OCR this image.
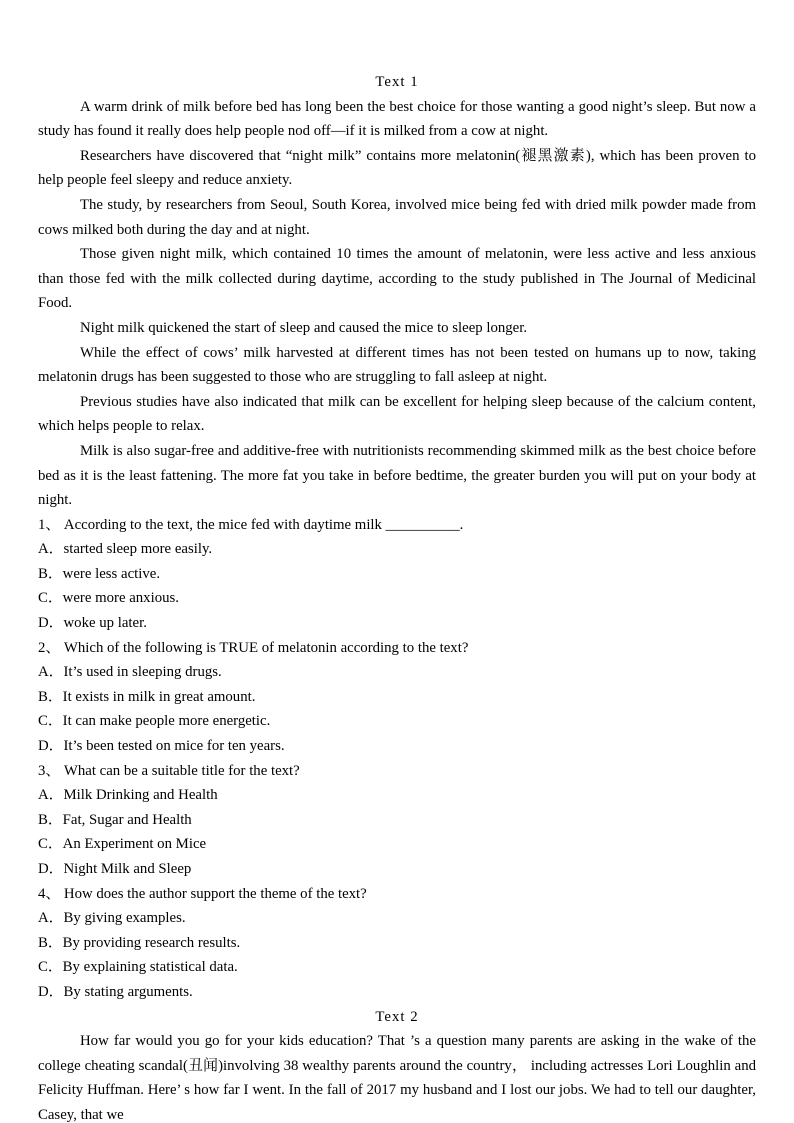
Text 1

A warm drink of milk before bed has long been the best choice for those wanting a good night’s sleep. But now a study has found it really does help people nod off—if it is milked from a cow at night.

Researchers have discovered that “night milk” contains more melatonin(褪黑激素), which has been proven to help people feel sleepy and reduce anxiety.

The study, by researchers from Seoul, South Korea, involved mice being fed with dried milk powder made from cows milked both during the day and at night.

Those given night milk, which contained 10 times the amount of melatonin, were less active and less anxious than those fed with the milk collected during daytime, according to the study published in The Journal of Medicinal Food.

Night milk quickened the start of sleep and caused the mice to sleep longer.

While the effect of cows’ milk harvested at different times has not been tested on humans up to now, taking melatonin drugs has been suggested to those who are struggling to fall asleep at night.

Previous studies have also indicated that milk can be excellent for helping sleep because of the calcium content, which helps people to relax.

Milk is also sugar-free and additive-free with nutritionists recommending skimmed milk as the best choice before bed as it is the least fattening. The more fat you take in before bedtime, the greater burden you will put on your body at night.

1、 According to the text, the mice fed with daytime milk __________.

A．started sleep more easily.

B．were less active.

C．were more anxious.

D．woke up later.

2、 Which of the following is TRUE of melatonin according to the text?

A．It’s used in sleeping drugs.

B．It exists in milk in great amount.

C．It can make people more energetic.

D．It’s been tested on mice for ten years.

3、 What can be a suitable title for the text?

A．Milk Drinking and Health

B．Fat, Sugar and Health

C．An Experiment on Mice

D．Night Milk and Sleep

4、 How does the author support the theme of the text?

A．By giving examples.

B．By providing research results.

C．By explaining statistical data.

D．By stating arguments.

Text 2

How far would you go for your kids education? That ’s a question many parents are asking in the wake of the college cheating scandal(丑闻)involving 38 wealthy parents around the country， including actresses Lori Loughlin and Felicity Huffman. Here’ s how far I went. In the fall of 2017 my husband and I lost our jobs. We had to tell our daughter, Casey, that we
